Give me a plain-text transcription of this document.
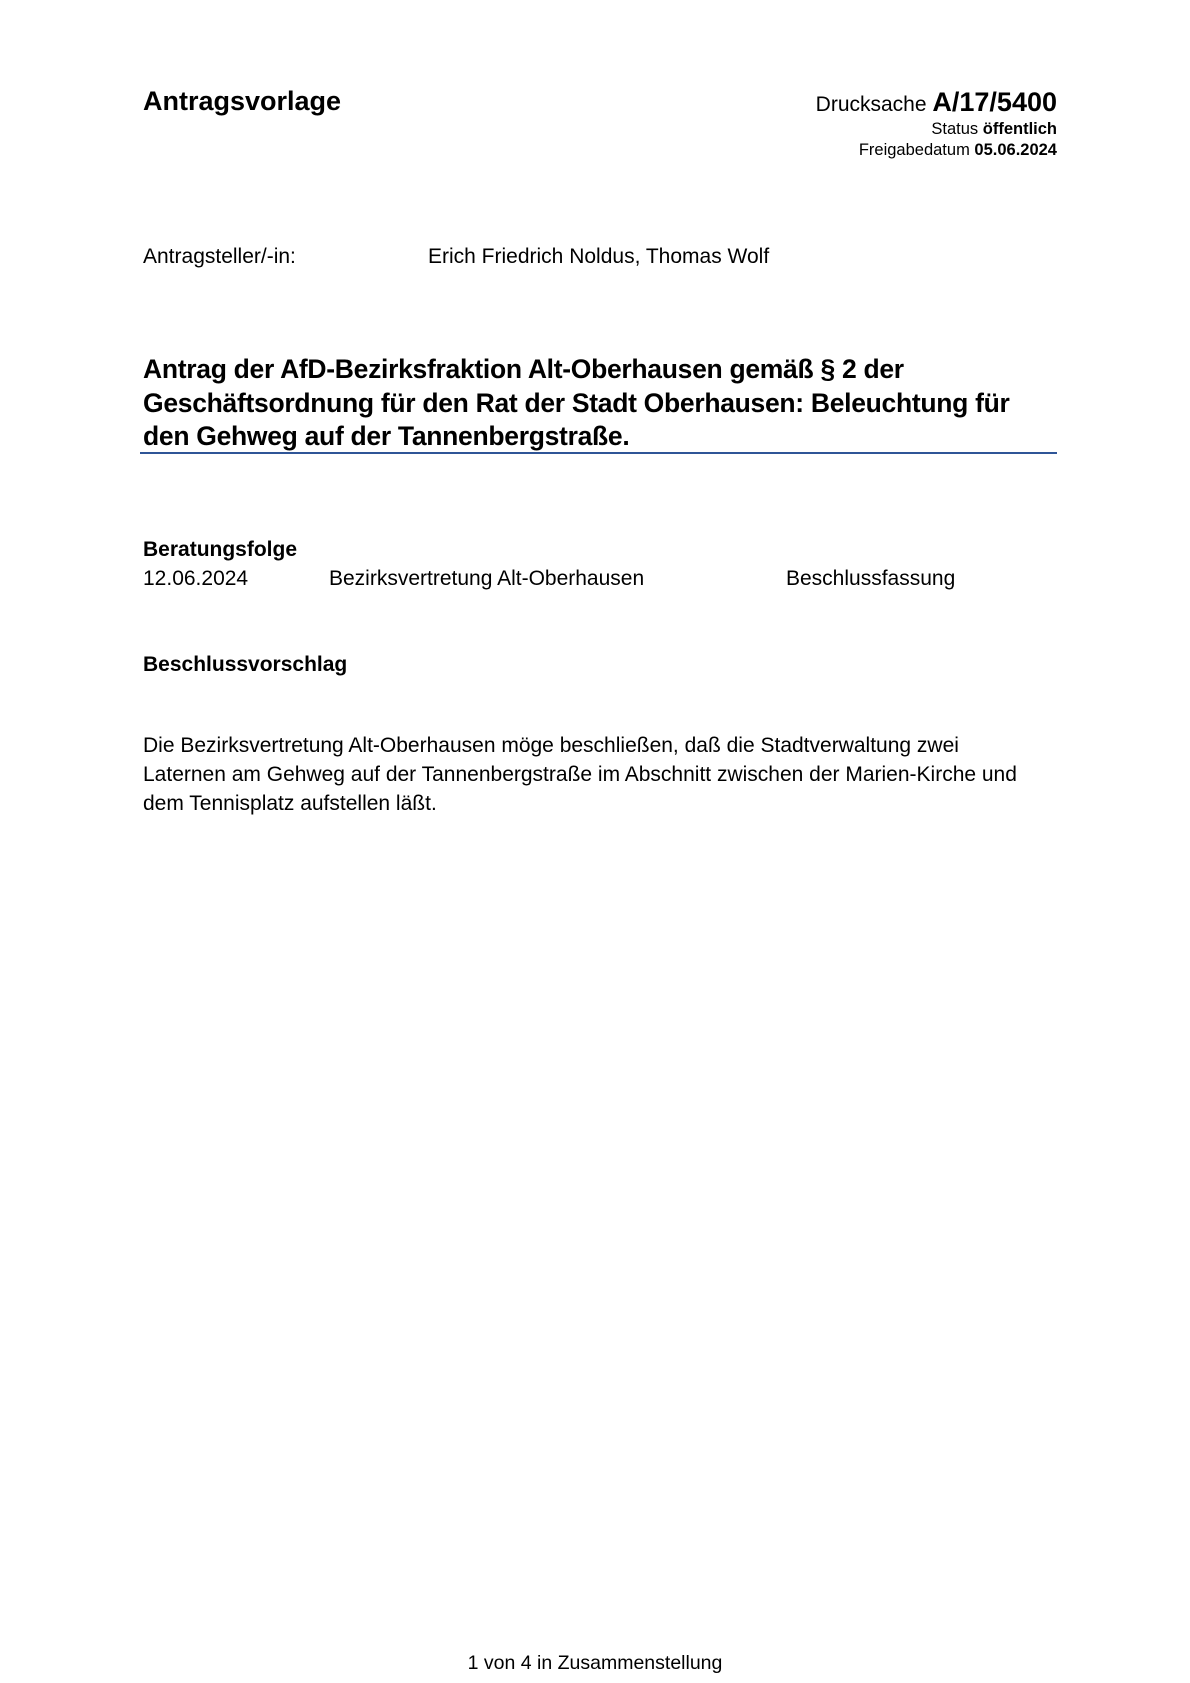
Antragsvorlage	Drucksache A/17/5400
Status öffentlich
Freigabedatum 05.06.2024
Antragsteller/-in:	Erich Friedrich Noldus, Thomas Wolf
Antrag der AfD-Bezirksfraktion Alt-Oberhausen gemäß § 2 der Geschäftsordnung für den Rat der Stadt Oberhausen: Beleuchtung für den Gehweg auf der Tannenbergstraße.
Beratungsfolge
12.06.2024	Bezirksvertretung Alt-Oberhausen	Beschlussfassung
Beschlussvorschlag
Die Bezirksvertretung Alt-Oberhausen möge beschließen, daß die Stadtverwaltung zwei Laternen am Gehweg auf der Tannenbergstraße im Abschnitt zwischen der Marien-Kirche und dem Tennisplatz aufstellen läßt.
1 von 4 in Zusammenstellung
